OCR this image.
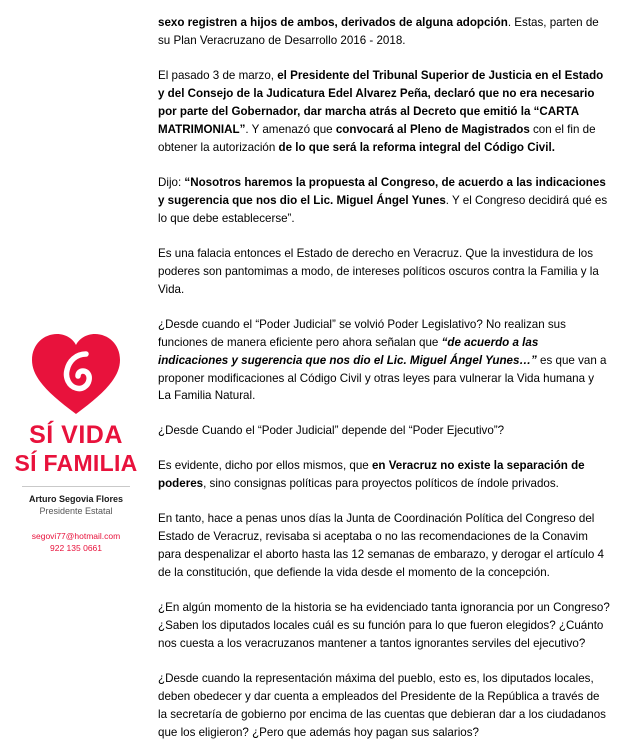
SÍ VIDA
SÍ FAMILIA
Arturo Segovia Flores
Presidente Estatal
segovi77@hotmail.com
922 135 0661

sexo registren a hijos de ambos, derivados de alguna adopción. Estas, parten de su Plan Veracruzano de Desarrollo 2016 - 2018.

El pasado 3 de marzo, el Presidente del Tribunal Superior de Justicia en el Estado y del Consejo de la Judicatura Edel Alvarez Peña, declaró que no era necesario por parte del Gobernador, dar marcha atrás al Decreto que emitió la “CARTA MATRIMONIAL”. Y amenazó que convocará al Pleno de Magistrados con el fin de obtener la autorización de lo que será la reforma integral del Código Civil.

Dijo: “Nosotros haremos la propuesta al Congreso, de acuerdo a las indicaciones y sugerencia que nos dio el Lic. Miguel Ángel Yunes. Y el Congreso decidirá qué es lo que debe establecerse”.

Es una falacia entonces el Estado de derecho en Veracruz. Que la investidura de los poderes son pantomimas a modo, de intereses políticos oscuros contra la Familia y la Vida.

¿Desde cuando el “Poder Judicial” se volvió Poder Legislativo? No realizan sus funciones de manera eficiente pero ahora señalan que “de acuerdo a las indicaciones y sugerencia que nos dio el Lic. Miguel Ángel Yunes…” es que van a proponer modificaciones al Código Civil y otras leyes para vulnerar la Vida humana y La Familia Natural.

¿Desde Cuando el “Poder Judicial” depende del “Poder Ejecutivo”?

Es evidente, dicho por ellos mismos, que en Veracruz no existe la separación de poderes, sino consignas políticas para proyectos políticos de índole privados.

En tanto, hace a penas unos días la Junta de Coordinación Política del Congreso del Estado de Veracruz, revisaba si aceptaba o no las recomendaciones de la Conavim para despenalizar el aborto hasta las 12 semanas de embarazo, y derogar el artículo 4 de la constitución, que defiende la vida desde el momento de la concepción.

¿En algún momento de la historia se ha evidenciado tanta ignorancia por un Congreso? ¿Saben los diputados locales cuál es su función para lo que fueron elegidos? ¿Cuánto nos cuesta a los veracruzanos mantener a tantos ignorantes serviles del ejecutivo?

¿Desde cuando la representación máxima del pueblo, esto es, los diputados locales, deben obedecer y dar cuenta a empleados del Presidente de la República a través de la secretaría de gobierno por encima de las cuentas que debieran dar a los ciudadanos que los eligieron? ¿Pero que además hoy pagan sus salarios?
